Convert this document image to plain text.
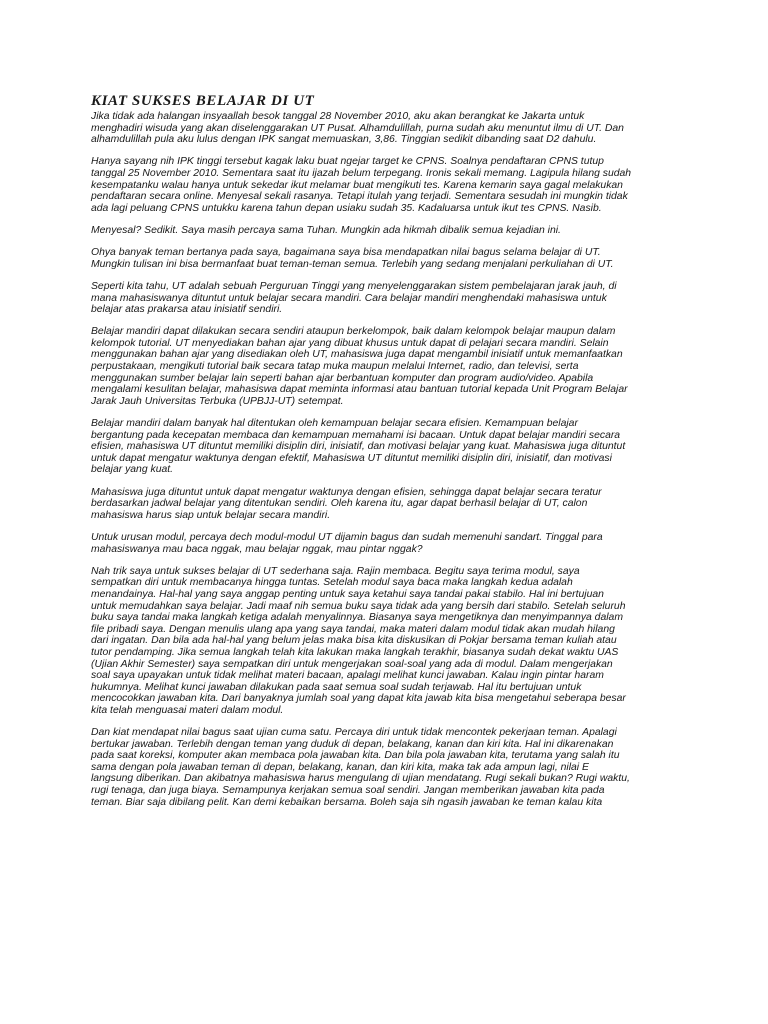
KIAT SUKSES BELAJAR DI UT

Jika tidak ada halangan insyaallah besok tanggal 28 November 2010, aku akan berangkat ke Jakarta untuk

menghadiri wisuda yang akan diselenggarakan UT Pusat. Alhamdulillah, purna sudah aku menuntut ilmu di UT. Dan

alhamdulillah pula aku lulus dengan IPK sangat memuaskan, 3,86. Tinggian sedikit dibanding saat D2 dahulu.

Hanya sayang nih IPK tinggi tersebut kagak laku buat ngejar target ke CPNS. Soalnya pendaftaran CPNS tutup

tanggal 25 November 2010. Sementara saat itu ijazah belum terpegang. Ironis sekali memang. Lagipula hilang sudah

kesempatanku walau hanya untuk sekedar ikut melamar buat mengikuti tes. Karena kemarin saya gagal melakukan

pendaftaran secara online. Menyesal sekali rasanya. Tetapi itulah yang terjadi. Sementara sesudah ini mungkin tidak

ada lagi peluang CPNS untukku karena tahun depan usiaku sudah 35. Kadaluarsa untuk ikut tes CPNS. Nasib.

Menyesal? Sedikit. Saya masih percaya sama Tuhan. Mungkin ada hikmah dibalik semua kejadian ini.

Ohya banyak teman bertanya pada saya, bagaimana saya bisa mendapatkan nilai bagus selama belajar di UT.

Mungkin tulisan ini bisa bermanfaat buat teman-teman semua. Terlebih yang sedang menjalani perkuliahan di UT.

Seperti kita tahu, UT adalah sebuah Perguruan Tinggi yang menyelenggarakan sistem pembelajaran jarak jauh, di

mana mahasiswanya dituntut untuk belajar secara mandiri. Cara belajar mandiri menghendaki mahasiswa untuk

belajar atas prakarsa atau inisiatif sendiri.

Belajar mandiri dapat dilakukan secara sendiri ataupun berkelompok, baik dalam kelompok belajar maupun dalam

kelompok tutorial. UT menyediakan bahan ajar yang dibuat khusus untuk dapat di pelajari secara mandiri. Selain

menggunakan bahan ajar yang disediakan oleh UT, mahasiswa juga dapat mengambil inisiatif untuk memanfaatkan

perpustakaan, mengikuti tutorial baik secara tatap muka maupun melalui Internet, radio, dan televisi, serta

menggunakan sumber belajar lain seperti bahan ajar berbantuan komputer dan program audio/video. Apabila

mengalami kesulitan belajar, mahasiswa dapat meminta informasi atau bantuan tutorial kepada Unit Program Belajar

Jarak Jauh Universitas Terbuka (UPBJJ-UT) setempat.

Belajar mandiri dalam banyak hal ditentukan oleh kemampuan belajar secara efisien. Kemampuan belajar

bergantung pada kecepatan membaca dan kemampuan memahami isi bacaan. Untuk dapat belajar mandiri secara

efisien, mahasiswa UT dituntut memiliki disiplin diri, inisiatif, dan motivasi belajar yang kuat. Mahasiswa juga dituntut

untuk dapat mengatur waktunya dengan efektif, Mahasiswa UT dituntut memiliki disiplin diri, inisiatif, dan motivasi

belajar yang kuat.

Mahasiswa juga dituntut untuk dapat mengatur waktunya dengan efisien, sehingga dapat belajar secara teratur

berdasarkan jadwal belajar yang ditentukan sendiri. Oleh karena itu, agar dapat berhasil belajar di UT, calon

mahasiswa harus siap untuk belajar secara mandiri.

Untuk urusan modul, percaya dech modul-modul UT dijamin bagus dan sudah memenuhi sandart. Tinggal para

mahasiswanya mau baca nggak, mau belajar nggak, mau pintar nggak?

Nah trik saya untuk sukses belajar di UT sederhana saja. Rajin membaca. Begitu saya terima modul, saya

sempatkan diri untuk membacanya hingga tuntas. Setelah modul saya baca maka langkah kedua adalah

menandainya. Hal-hal yang saya anggap penting untuk saya ketahui saya tandai pakai stabilo. Hal ini bertujuan

untuk memudahkan saya belajar. Jadi maaf nih semua buku saya tidak ada yang bersih dari stabilo. Setelah seluruh

buku saya tandai maka langkah ketiga adalah menyalinnya. Biasanya saya mengetiknya dan menyimpannya dalam

file pribadi saya. Dengan menulis ulang apa yang saya tandai, maka materi dalam modul tidak akan mudah hilang

dari ingatan. Dan bila ada hal-hal yang belum jelas maka bisa kita diskusikan di Pokjar bersama teman kuliah atau

tutor pendamping. Jika semua langkah telah kita lakukan maka langkah terakhir, biasanya sudah dekat waktu UAS

(Ujian Akhir Semester) saya sempatkan diri untuk mengerjakan soal-soal yang ada di modul. Dalam mengerjakan

soal saya upayakan untuk tidak melihat materi bacaan, apalagi melihat kunci jawaban. Kalau ingin pintar haram

hukumnya. Melihat kunci jawaban dilakukan pada saat semua soal sudah terjawab. Hal itu bertujuan untuk

mencocokkan jawaban kita. Dari banyaknya jumlah soal yang dapat kita jawab kita bisa mengetahui seberapa besar

kita telah menguasai materi dalam modul.

Dan kiat mendapat nilai bagus saat ujian cuma satu. Percaya diri untuk tidak mencontek pekerjaan teman. Apalagi

bertukar jawaban. Terlebih dengan teman yang duduk di depan, belakang, kanan dan kiri kita. Hal ini dikarenakan

pada saat koreksi, komputer akan membaca pola jawaban kita. Dan bila pola jawaban kita, terutama yang salah itu

sama dengan pola jawaban teman di depan, belakang, kanan, dan kiri kita, maka tak ada ampun lagi, nilai E

langsung diberikan. Dan akibatnya mahasiswa harus mengulang di ujian mendatang. Rugi sekali bukan? Rugi waktu,

rugi tenaga, dan juga biaya. Semampunya kerjakan semua soal sendiri. Jangan memberikan jawaban kita pada

teman. Biar saja dibilang pelit. Kan demi kebaikan bersama. Boleh saja sih ngasih jawaban ke teman kalau kita
